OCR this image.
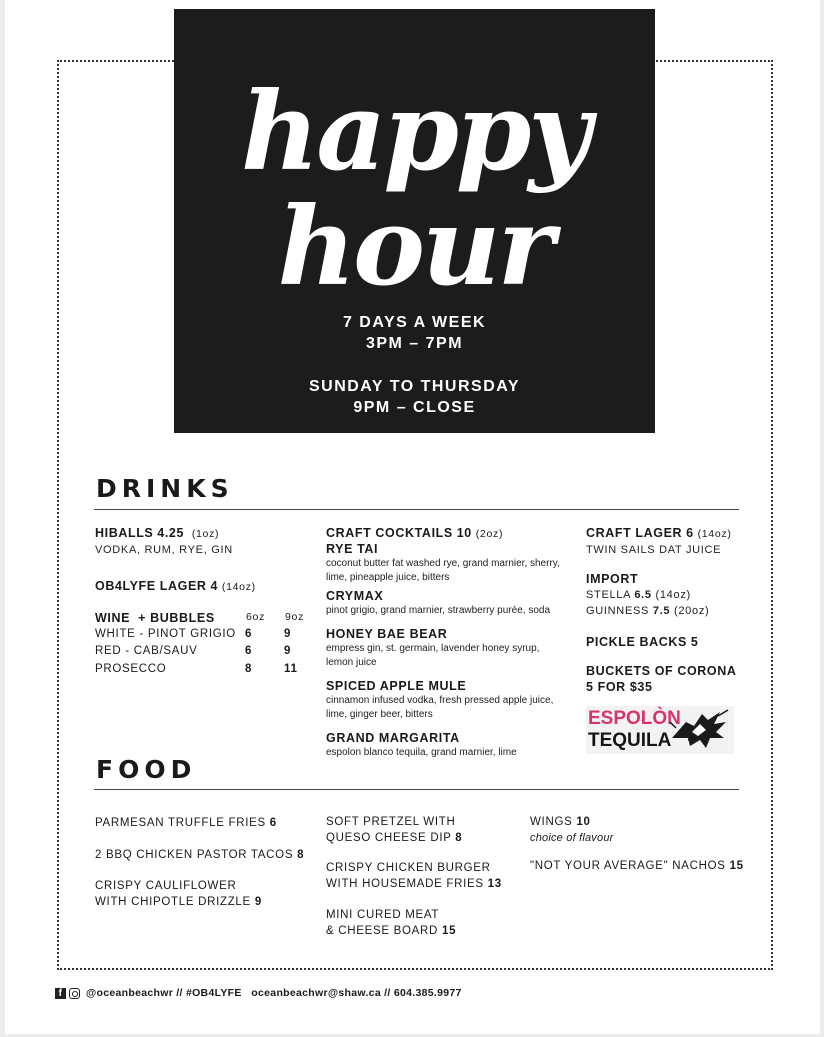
happy
hour
7 DAYS A WEEK
3PM – 7PM
SUNDAY TO THURSDAY
9PM – CLOSE
DRINKS
HIBALLS 4.25 (1oz)
VODKA, RUM, RYE, GIN
OB4LYFE LAGER 4 (14oz)
WINE  + BUBBLES	6oz 9oz
WHITE - PINOT GRIGIO 6	9
RED - CAB/SAUV	6	9
PROSECCO	8	11
CRAFT COCKTAILS 10 (2oz)
RYE TAI
coconut butter fat washed rye, grand marnier, sherry, lime, pineapple juice, bitters
CRYMAX
pinot grigio, grand marnier, strawberry purée, soda
HONEY BAE BEAR
empress gin, st. germain, lavender honey syrup, lemon juice
SPICED APPLE MULE
cinnamon infused vodka, fresh pressed apple juice, lime, ginger beer, bitters
GRAND MARGARITA
espolon blanco tequila, grand marnier, lime
CRAFT LAGER 6 (14oz)
TWIN SAILS DAT JUICE
IMPORT
STELLA 6.5 (14oz)
GUINNESS 7.5 (20oz)
PICKLE BACKS 5
BUCKETS OF CORONA
5 FOR $35
ESPOLÒN
TEQUILA
FOOD
PARMESAN TRUFFLE FRIES 6
2 BBQ CHICKEN PASTOR TACOS 8
CRISPY CAULIFLOWER
WITH CHIPOTLE DRIZZLE 9
SOFT PRETZEL WITH
QUESO CHEESE DIP 8
CRISPY CHICKEN BURGER
WITH HOUSEMADE FRIES 13
MINI CURED MEAT
& CHEESE BOARD 15
WINGS 10
choice of flavour
"NOT YOUR AVERAGE" NACHOS 15
f	@oceanbeachwr // #OB4LYFE   oceanbeachwr@shaw.ca // 604.385.9977
